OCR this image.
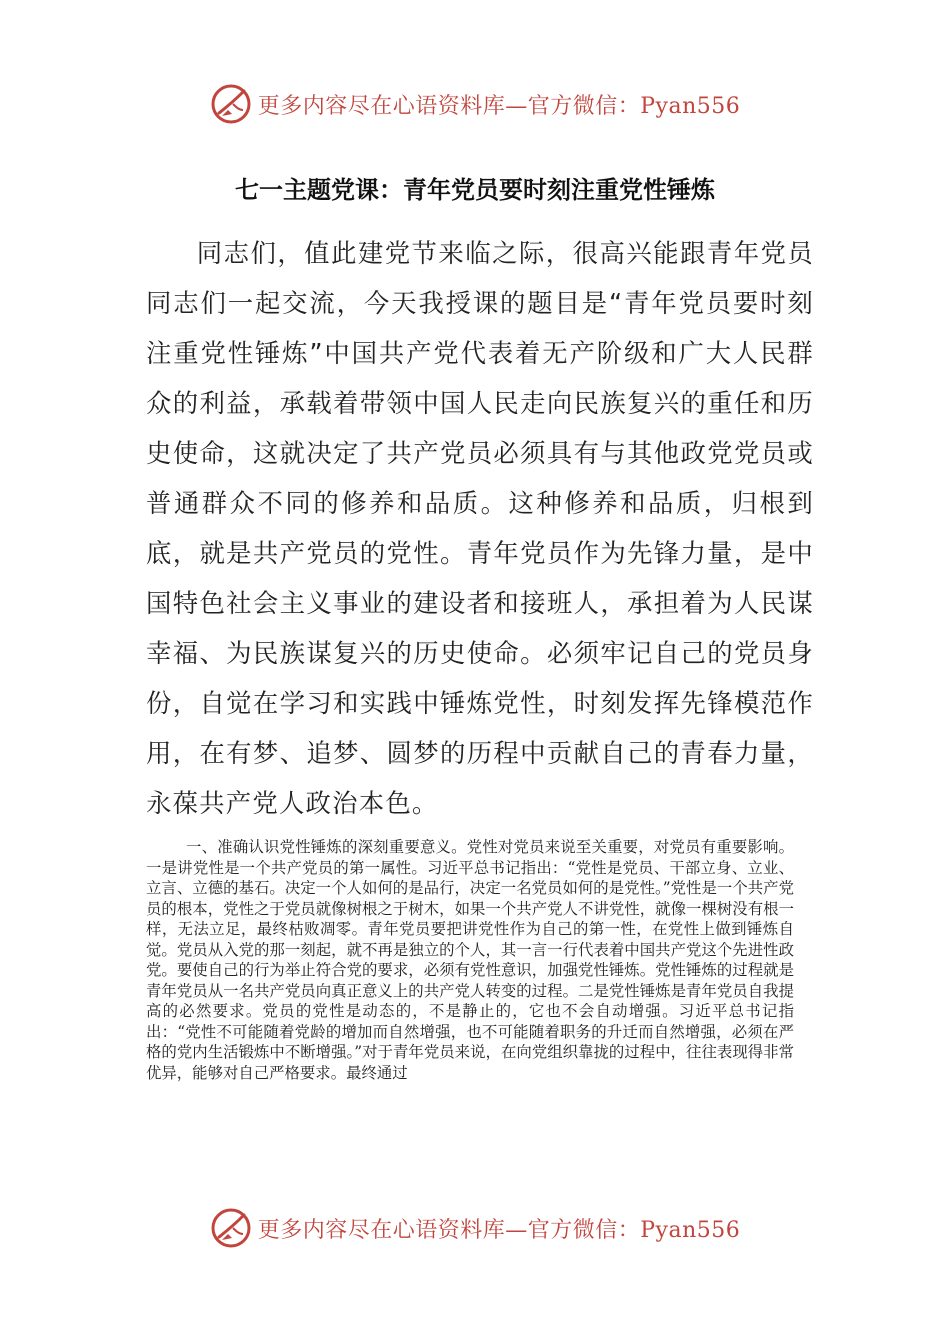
更多内容尽在心语资料库—官方微信：Pyan556
七一主题党课：青年党员要时刻注重党性锤炼

同志们，值此建党节来临之际，很高兴能跟青年党员同志们一起交流，今天我授课的题目是“青年党员要时刻注重党性锤炼”中国共产党代表着无产阶级和广大人民群众的利益，承载着带领中国人民走向民族复兴的重任和历史使命，这就决定了共产党员必须具有与其他政党党员或普通群众不同的修养和品质。这种修养和品质，归根到底，就是共产党员的党性。青年党员作为先锋力量，是中国特色社会主义事业的建设者和接班人，承担着为人民谋幸福、为民族谋复兴的历史使命。必须牢记自己的党员身份，自觉在学习和实践中锤炼党性，时刻发挥先锋模范作用，在有梦、追梦、圆梦的历程中贡献自己的青春力量，永葆共产党人政治本色。

一、准确认识党性锤炼的深刻重要意义。党性对党员来说至关重要，对党员有重要影响。一是讲党性是一个共产党员的第一属性。习近平总书记指出：“党性是党员、干部立身、立业、立言、立德的基石。决定一个人如何的是品行，决定一名党员如何的是党性。”党性是一个共产党员的根本，党性之于党员就像树根之于树木，如果一个共产党人不讲党性，就像一棵树没有根一样，无法立足，最终枯败凋零。青年党员要把讲党性作为自己的第一性，在党性上做到锤炼自觉。党员从入党的那一刻起，就不再是独立的个人，其一言一行代表着中国共产党这个先进性政党。要使自己的行为举止符合党的要求，必须有党性意识，加强党性锤炼。党性锤炼的过程就是青年党员从一名共产党员向真正意义上的共产党人转变的过程。二是党性锤炼是青年党员自我提高的必然要求。党员的党性是动态的，不是静止的，它也不会自动增强。习近平总书记指出：“党性不可能随着党龄的增加而自然增强，也不可能随着职务的升迁而自然增强，必须在严格的党内生活锻炼中不断增强。”对于青年党员来说，在向党组织靠拢的过程中，往往表现得非常优异，能够对自己严格要求。最终通过

更多内容尽在心语资料库—官方微信：Pyan556
